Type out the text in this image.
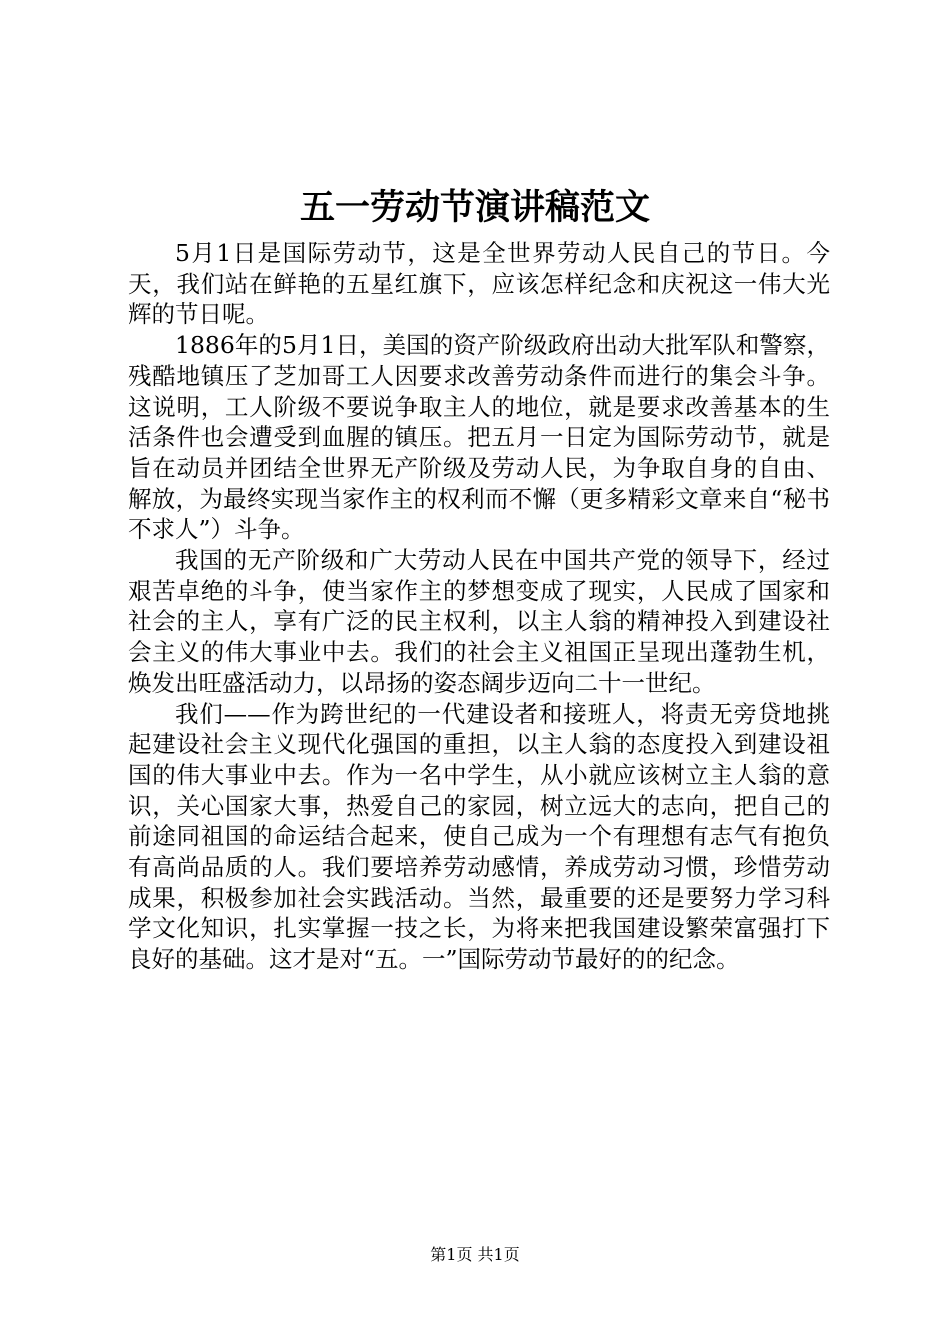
五一劳动节演讲稿范文

5月1日是国际劳动节，这是全世界劳动人民自己的节日。今天，我们站在鲜艳的五星红旗下，应该怎样纪念和庆祝这一伟大光辉的节日呢。

1886年的5月1日，美国的资产阶级政府出动大批军队和警察，残酷地镇压了芝加哥工人因要求改善劳动条件而进行的集会斗争。这说明，工人阶级不要说争取主人的地位，就是要求改善基本的生活条件也会遭受到血腥的镇压。把五月一日定为国际劳动节，就是旨在动员并团结全世界无产阶级及劳动人民，为争取自身的自由、解放，为最终实现当家作主的权利而不懈（更多精彩文章来自“秘书不求人”）斗争。

我国的无产阶级和广大劳动人民在中国共产党的领导下，经过艰苦卓绝的斗争，使当家作主的梦想变成了现实，人民成了国家和社会的主人，享有广泛的民主权利，以主人翁的精神投入到建设社会主义的伟大事业中去。我们的社会主义祖国正呈现出蓬勃生机，焕发出旺盛活动力，以昂扬的姿态阔步迈向二十一世纪。

我们——作为跨世纪的一代建设者和接班人，将责无旁贷地挑起建设社会主义现代化强国的重担，以主人翁的态度投入到建设祖国的伟大事业中去。作为一名中学生，从小就应该树立主人翁的意识，关心国家大事，热爱自己的家园，树立远大的志向，把自己的前途同祖国的命运结合起来，使自己成为一个有理想有志气有抱负有高尚品质的人。我们要培养劳动感情，养成劳动习惯，珍惜劳动成果，积极参加社会实践活动。当然，最重要的还是要努力学习科学文化知识，扎实掌握一技之长，为将来把我国建设繁荣富强打下良好的基础。这才是对“五。一”国际劳动节最好的的纪念。

第1页 共1页
